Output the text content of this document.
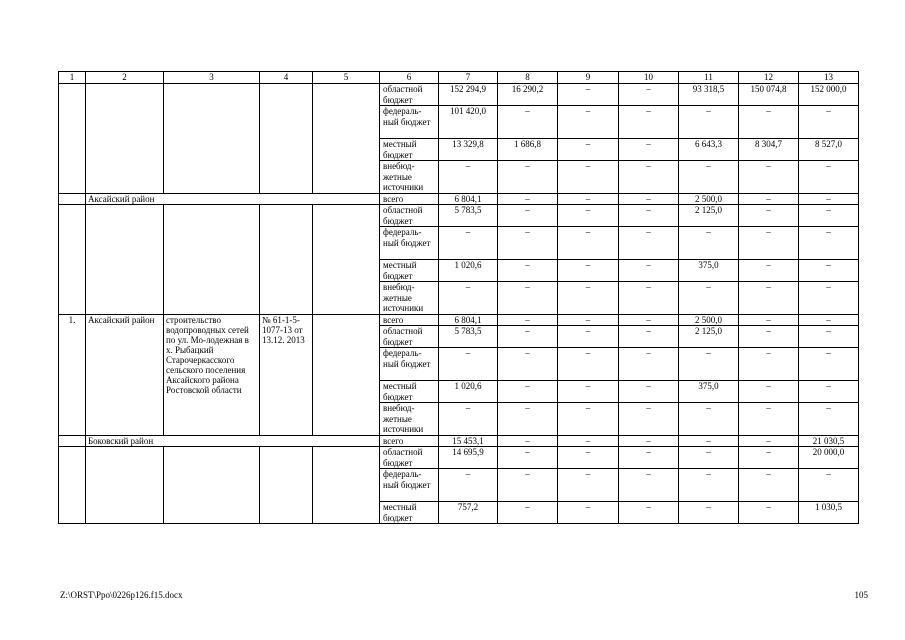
1	2	3	4	5	6	7	8	9	10	11	12	13
					областной бюджет	152 294,9	16 290,2	–	–	93 318,5	150 074,8	152 000,0
					федераль-ный бюджет	101 420,0	–	–	–	–	–	–
					местный бюджет	13 329,8	1 686,8	–	–	6 643,3	8 304,7	8 527,0
					внебюд-жетные источники	–	–	–	–	–	–	–
	Аксайский район				всего	6 804,1	–	–	–	2 500,0	–	–
					областной бюджет	5 783,5	–	–	–	2 125,0	–	–
					федераль-ный бюджет	–	–	–	–	–	–	–
					местный бюджет	1 020,6	–	–	–	375,0	–	–
					внебюд-жетные источники	–	–	–	–	–	–	–
1.	Аксайский район	строительство водопроводных сетей по ул. Мо-лодежная в х. Рыбацкий Старочеркасского сельского поселения Аксайского района Ростовской области	№ 61-1-5-1077-13 от 13.12. 2013		всего	6 804,1	–	–	–	2 500,0	–	–
					областной бюджет	5 783,5	–	–	–	2 125,0	–	–
					федераль-ный бюджет	–	–	–	–	–	–	–
					местный бюджет	1 020,6	–	–	–	375,0	–	–
					внебюд-жетные источники	–	–	–	–	–	–	–
	Боковский район				всего	15 453,1	–	–	–	–	–	21 030,5
					областной бюджет	14 695,9	–	–	–	–	–	20 000,0
					федераль-ный бюджет	–	–	–	–	–	–	–
					местный бюджет	757,2	–	–	–	–	–	1 030,5
Z:\ORST\Ppo\0226p126.f15.docx	105
